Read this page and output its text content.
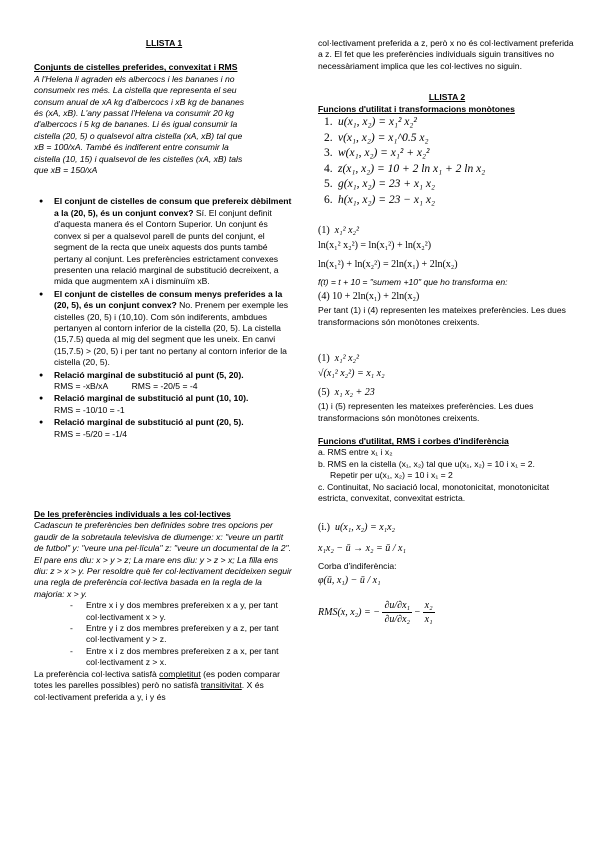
LLISTA 1
Conjunts de cistelles preferides, convexitat i RMS
A l'Helena li agraden els albercocs i les bananes i no
consumeix res més. La cistella que representa el seu
consum anual de xA kg d'albercocs i xB kg de bananes
és (xA, xB). L'any passat l'Helena va consumir 20 kg
d'albercocs i 5 kg de bananes. Li és igual consumir la
cistella (20, 5) o qualsevol altra cistella (xA, xB) tal que
xB = 100/xA. També és indiferent entre consumir la
cistella (10, 15) i qualsevol de les cistelles (xA, xB) tals
que xB = 150/xA
● El conjunt de cistelles de consum que prefereix dèbilment a la (20, 5), és un conjunt convex? Sí. El conjunt definit d'aquesta manera és el Contorn Superior. Un conjunt és convex si per a qualsevol parell de punts del conjunt, el segment de la recta que uneix aquests dos punts també pertany al conjunt. Les preferències estrictament convexes presenten una relació marginal de substitució decreixent, a mida que augmentem xA i disminuïm xB.
● El conjunt de cistelles de consum menys preferides a la (20, 5), és un conjunt convex? No. Prenem per exemple les cistelles (20, 5) i (10,10). Com són indiferents, ambdues pertanyen al contorn inferior de la cistella (20, 5). La cistella (15,7.5) queda al mig del segment que les uneix. En canvi (15,7.5) > (20, 5) i per tant no pertany al contorn inferior de la cistella (20, 5).
● Relació marginal de substitució al punt (5, 20).
RMS = -xB/xA          RMS = -20/5 = -4
● Relació marginal de substitució al punt (10, 10).
RMS = -10/10 = -1
● Relació marginal de substitució al punt (20, 5).
RMS = -5/20 = -1/4
De les preferències individuals a les col·lectives
Cadascun te preferències ben definides sobre tres opcions per gaudir de la sobretaula televisiva de diumenge: x: "veure un partit de futbol" y: "veure una pel·lícula" z: "veure un documental de la 2". El pare ens diu: x > y > z; La mare ens diu: y > z > x; La filla ens diu: z > x > y. Per resoldre què fer col·lectivament decideixen seguir una regla de preferència col·lectiva basada en la regla de la majoria: x > y.
- Entre x i y dos membres prefereixen x a y, per tant col·lectivament x > y.
- Entre y i z dos membres prefereixen y a z, per tant col·lectivament y > z.
- Entre x i z dos membres prefereixen z a x, per tant col·lectivament z > x.
La preferència col·lectiva satisfà completitut (es poden comparar totes les parelles possibles) però no satisfà transitivitat. X és col·lectivament preferida a y, i y és
col·lectivament preferida a z, però x no és col·lectivament preferida a z. El fet que les preferències individuals siguin transitives no necessàriament implica que les col·lectives no siguin.
LLISTA 2
Funcions d'utilitat i transformacions monòtones
1. u(x₁, x₂) = x₁² x₂²
2. v(x₁, x₂) = x₁^0.5 x₂
3. w(x₁, x₂) = x₁² + x₂²
4. z(x₁, x₂) = 10 + 2 ln x₁ + 2 ln x₂
5. g(x₁, x₂) = 23 + x₁ x₂
6. h(x₁, x₂) = 23 − x₁ x₂
(1) x₁² x₂²
ln(x₁² x₂²) = ln(x₁²) + ln(x₂²)
ln(x₁²) + ln(x₂²) = 2ln(x₁) + 2ln(x₂)
f(t) = t + 10 = "sumem +10" que ho transforma en:
(4) 10 + 2ln(x₁) + 2ln(x₂)
Per tant (1) i (4) representen les mateixes preferències. Les dues transformacions són monòtones creixents.
(1) x₁² x₂²
√(x₁² x₂²) = x₁ x₂
(5) x₁ x₂ + 23
(1) i (5) representen les mateixes preferències. Les dues transformacions són monòtones creixents.
Funcions d'utilitat, RMS i corbes d'indiferència
a. RMS entre x₁ i x₂
b. RMS en la cistella (x₁, x₂) tal que u(x₁, x₂) = 10 i x₁ = 2.
Repetir per u(x₁, x₂) = 10 i x₁ = 2
c. Continuitat, No saciació local, monotonicitat, monotonicitat estricta, convexitat, convexitat estricta.
(i.) u(x₁, x₂) = x₁x₂
x₁x₂ − ū → x₂ = ū / x₁
Corba d'indiferència:
φ(ū, x₁) − ū / x₁
RMS(x, x₂) = − $\frac{\text{∂u/∂x₁}}{\text{∂u/∂x₂}} - \frac{\text{x₂}}{\text{x₁}}$
